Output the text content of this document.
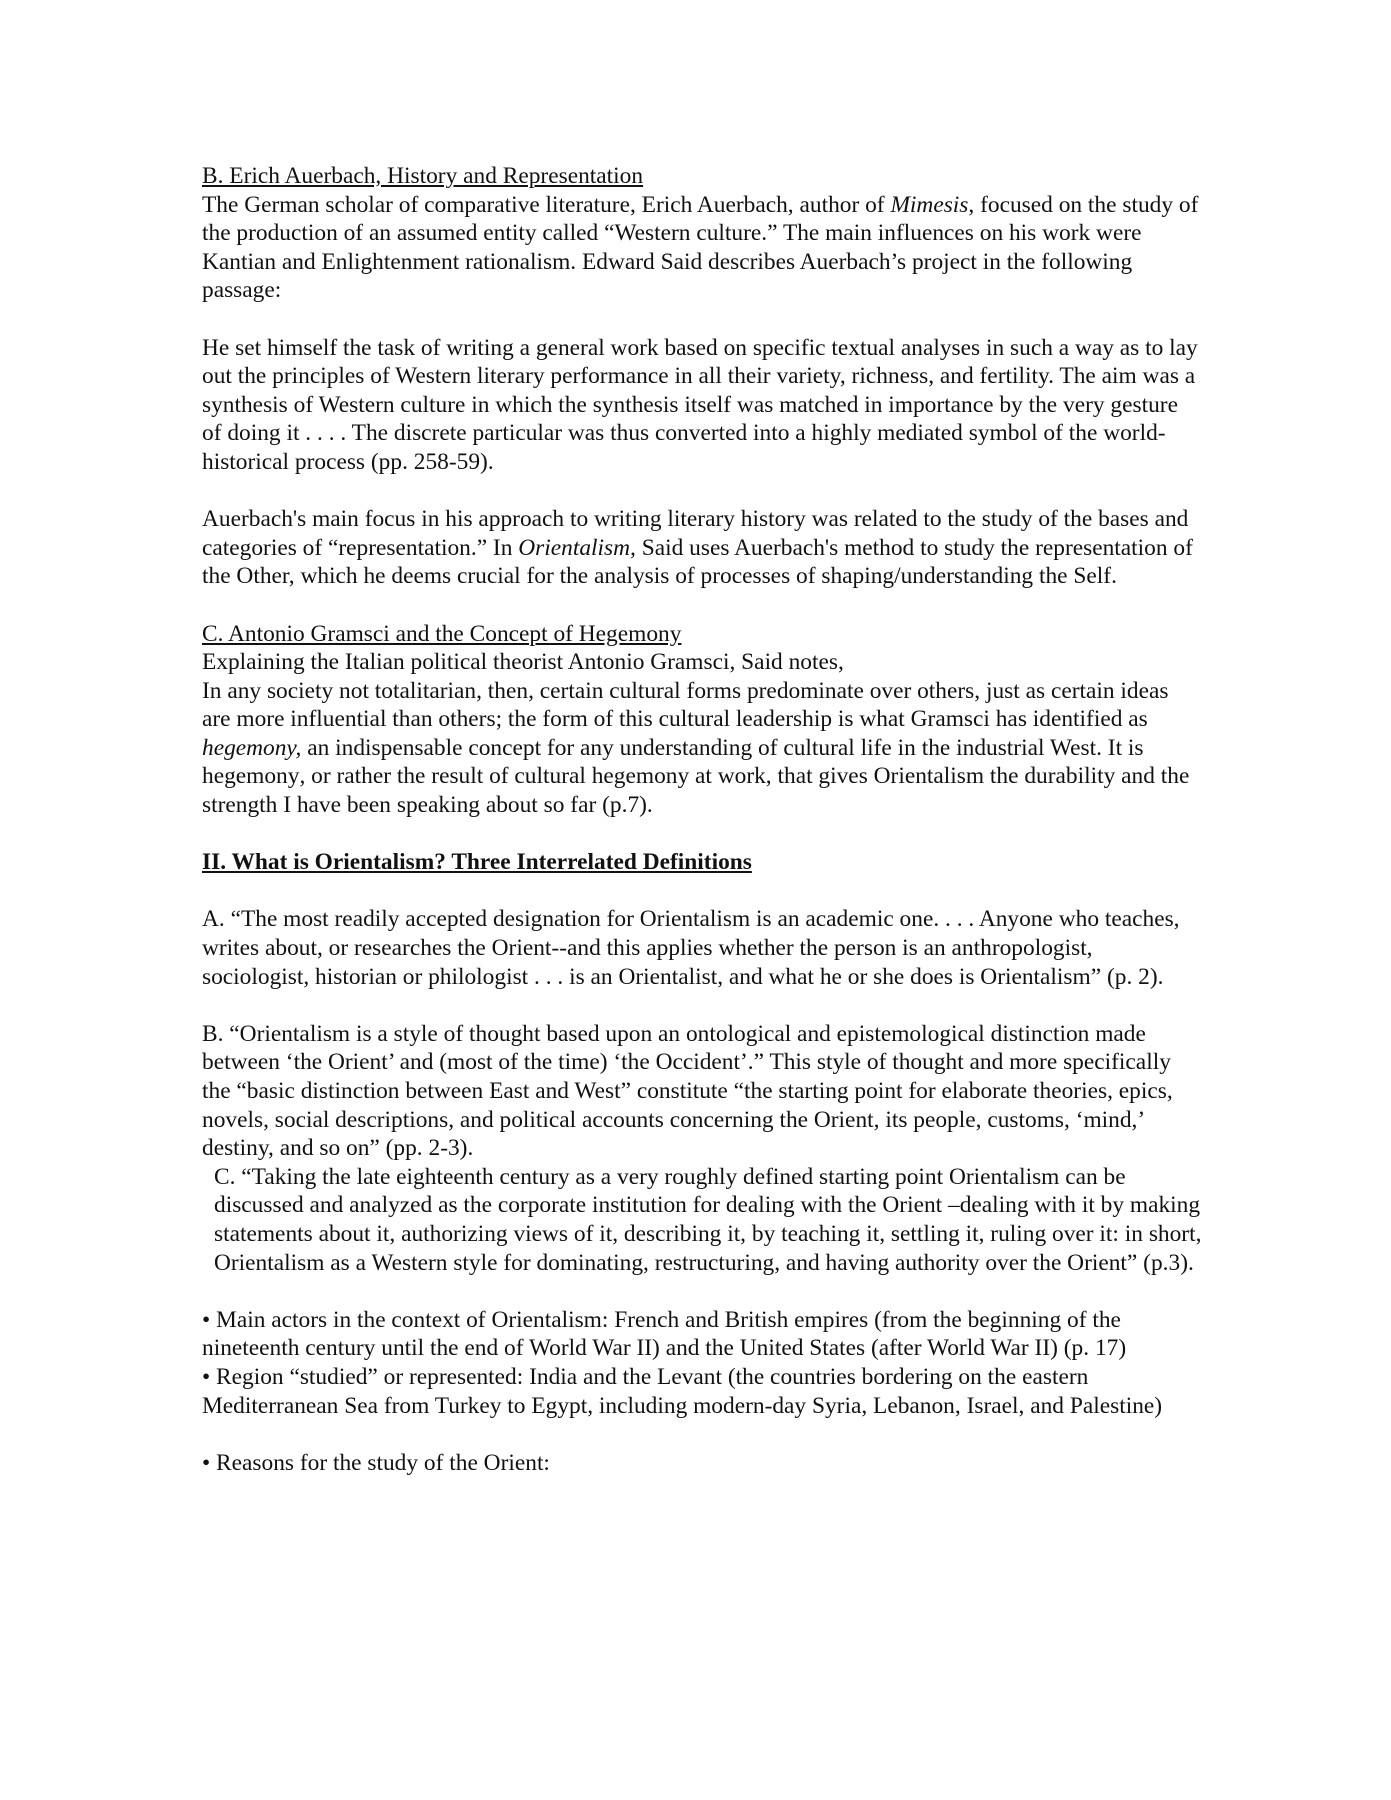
B. Erich Auerbach, History and Representation

The German scholar of comparative literature, Erich Auerbach, author of Mimesis, focused on the study of the production of an assumed entity called “Western culture.” The main influences on his work were Kantian and Enlightenment rationalism. Edward Said describes Auerbach’s project in the following passage:

He set himself the task of writing a general work based on specific textual analyses in such a way as to lay out the principles of Western literary performance in all their variety, richness, and fertility. The aim was a synthesis of Western culture in which the synthesis itself was matched in importance by the very gesture of doing it . . . . The discrete particular was thus converted into a highly mediated symbol of the world-historical process (pp. 258-59).

Auerbach's main focus in his approach to writing literary history was related to the study of the bases and categories of “representation.” In Orientalism, Said uses Auerbach's method to study the representation of the Other, which he deems crucial for the analysis of processes of shaping/understanding the Self.

C. Antonio Gramsci and the Concept of Hegemony

Explaining the Italian political theorist Antonio Gramsci, Said notes,

In any society not totalitarian, then, certain cultural forms predominate over others, just as certain ideas are more influential than others; the form of this cultural leadership is what Gramsci has identified as hegemony, an indispensable concept for any understanding of cultural life in the industrial West. It is hegemony, or rather the result of cultural hegemony at work, that gives Orientalism the durability and the strength I have been speaking about so far (p.7).

II. What is Orientalism? Three Interrelated Definitions

A. “The most readily accepted designation for Orientalism is an academic one. . . . Anyone who teaches, writes about, or researches the Orient--and this applies whether the person is an anthropologist, sociologist, historian or philologist . . . is an Orientalist, and what he or she does is Orientalism” (p. 2).

B. “Orientalism is a style of thought based upon an ontological and epistemological distinction made between ‘the Orient’ and (most of the time) ‘the Occident’.” This style of thought and more specifically the “basic distinction between East and West” constitute “the starting point for elaborate theories, epics, novels, social descriptions, and political accounts concerning the Orient, its people, customs, ‘mind,’ destiny, and so on” (pp. 2-3).

C. “Taking the late eighteenth century as a very roughly defined starting point Orientalism can be discussed and analyzed as the corporate institution for dealing with the Orient –dealing with it by making statements about it, authorizing views of it, describing it, by teaching it, settling it, ruling over it: in short, Orientalism as a Western style for dominating, restructuring, and having authority over the Orient” (p.3).

• Main actors in the context of Orientalism: French and British empires (from the beginning of the nineteenth century until the end of World War II) and the United States (after World War II) (p. 17)

• Region “studied” or represented: India and the Levant (the countries bordering on the eastern Mediterranean Sea from Turkey to Egypt, including modern-day Syria, Lebanon, Israel, and Palestine)

• Reasons for the study of the Orient:
